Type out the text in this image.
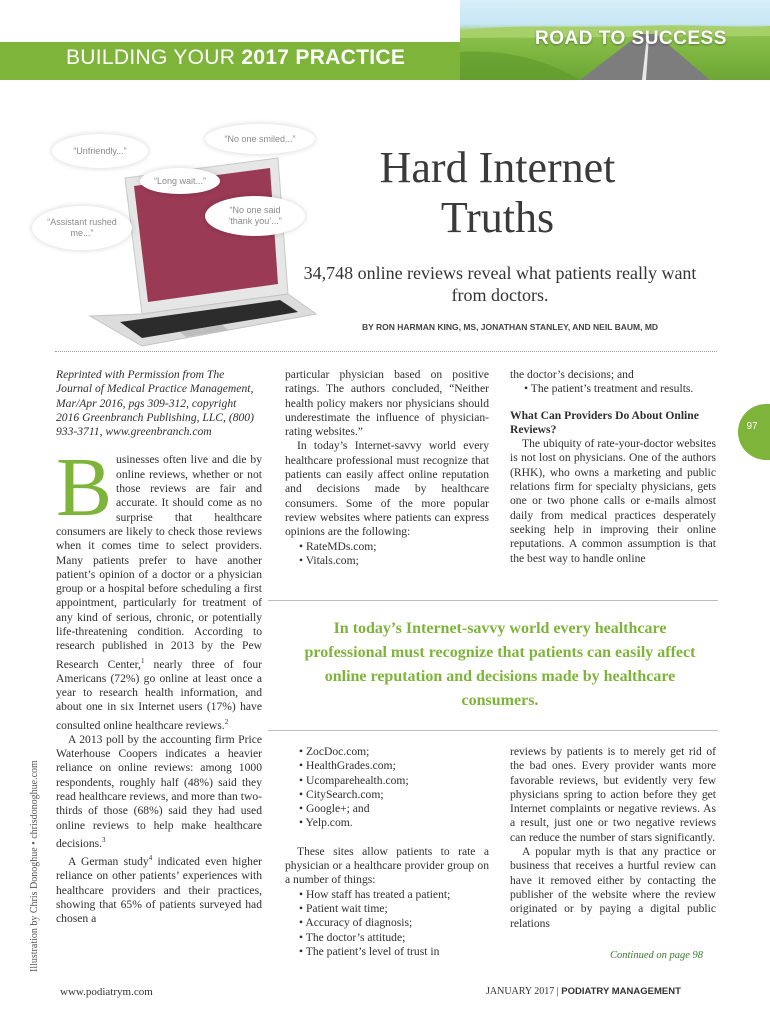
BUILDING YOUR 2017 PRACTICE
ROAD TO SUCCESS
“Unfriendly...”
“No one smiled...”
“Long wait...”
“No one said ‘thank you’...”
“Assistant rushed me...”
Hard Internet Truths
34,748 online reviews reveal what patients really want from doctors.
BY RON HARMAN KING, MS, JONATHAN STANLEY, AND NEIL BAUM, MD
97
Illustration by Chris Donoghue • chrisdonoghue.com

Reprinted with Permission from The Journal of Medical Practice Management, Mar/Apr 2016, pgs 309-312, copyright 2016 Greenbranch Publishing, LLC, (800) 933-3711, www.greenbranch.com

Businesses often live and die by online reviews, whether or not those reviews are fair and accurate. It should come as no surprise that healthcare consumers are likely to check those reviews when it comes time to select providers. Many patients prefer to have another patient’s opinion of a doctor or a physician group or a hospital before scheduling a first appointment, particularly for treatment of any kind of serious, chronic, or potentially life-threatening condition. According to research published in 2013 by the Pew Research Center,$^1$ nearly three of four Americans (72%) go online at least once a year to research health information, and about one in six Internet users (17%) have consulted online healthcare reviews.$^2$

A 2013 poll by the accounting firm Price Waterhouse Coopers indicates a heavier reliance on online reviews: among 1000 respondents, roughly half (48%) said they read healthcare reviews, and more than two-thirds of those (68%) said they had used online reviews to help make healthcare decisions.$^3$

A German study$^4$ indicated even higher reliance on other patients’ experiences with healthcare providers and their practices, showing that 65% of patients surveyed had chosen a

particular physician based on positive ratings. The authors concluded, “Neither health policy makers nor physicians should underestimate the influence of physician-rating websites.”

In today’s Internet-savvy world every healthcare professional must recognize that patients can easily affect online reputation and decisions made by healthcare consumers. Some of the more popular review websites where patients can express opinions are the following:

• RateMDs.com;

• Vitals.com;

the doctor’s decisions; and

• The patient’s treatment and results.

What Can Providers Do About Online Reviews?

The ubiquity of rate-your-doctor websites is not lost on physicians. One of the authors (RHK), who owns a marketing and public relations firm for specialty physicians, gets one or two phone calls or e-mails almost daily from medical practices desperately seeking help in improving their online reputations. A common assumption is that the best way to handle online

In today’s Internet-savvy world every healthcare professional must recognize that patients can easily affect online reputation and decisions made by healthcare consumers.

• ZocDoc.com;

• HealthGrades.com;

• Ucomparehealth.com;

• CitySearch.com;

• Google+; and

• Yelp.com.

These sites allow patients to rate a physician or a healthcare provider group on a number of things:

• How staff has treated a patient;

• Patient wait time;

• Accuracy of diagnosis;

• The doctor’s attitude;

• The patient’s level of trust in

reviews by patients is to merely get rid of the bad ones. Every provider wants more favorable reviews, but evidently very few physicians spring to action before they get Internet complaints or negative reviews. As a result, just one or two negative reviews can reduce the number of stars significantly.

A popular myth is that any practice or business that receives a hurtful review can have it removed either by contacting the publisher of the website where the review originated or by paying a digital public relations

Continued on page 98
www.podiatrym.com	JANUARY 2017 | PODIATRY MANAGEMENT
